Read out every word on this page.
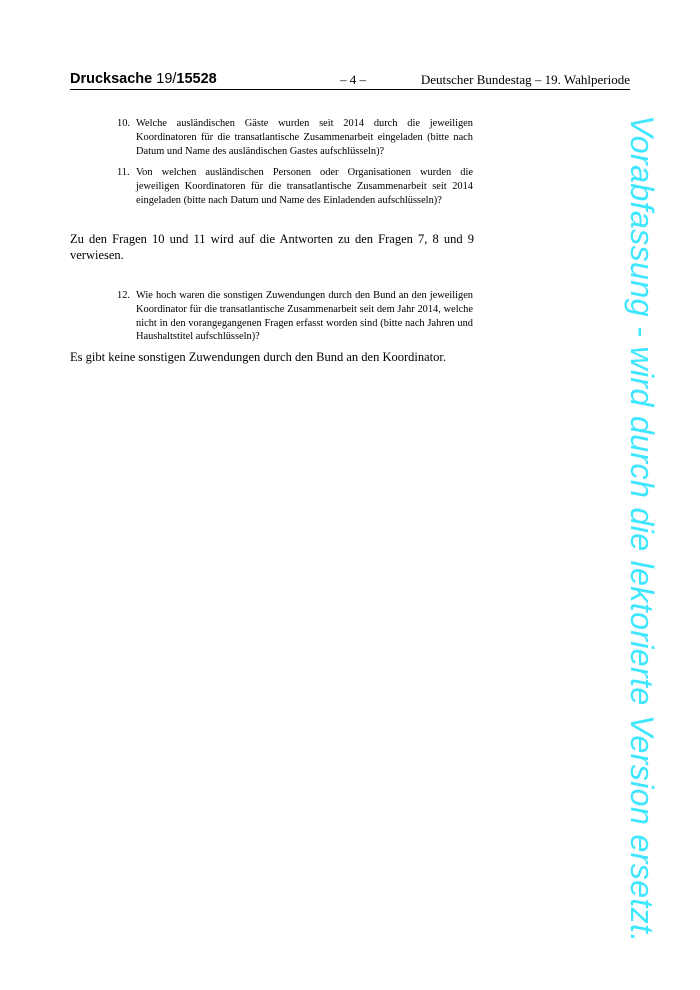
Drucksache 19/15528	– 4 –	Deutscher Bundestag – 19. Wahlperiode
10. Welche ausländischen Gäste wurden seit 2014 durch die jeweiligen Koordinatoren für die transatlantische Zusammenarbeit eingeladen (bitte nach Datum und Name des ausländischen Gastes aufschlüsseln)?
11. Von welchen ausländischen Personen oder Organisationen wurden die jeweiligen Koordinatoren für die transatlantische Zusammenarbeit seit 2014 eingeladen (bitte nach Datum und Name des Einladenden aufschlüsseln)?
Zu den Fragen 10 und 11 wird auf die Antworten zu den Fragen 7, 8 und 9 verwiesen.
12. Wie hoch waren die sonstigen Zuwendungen durch den Bund an den jeweiligen Koordinator für die transatlantische Zusammenarbeit seit dem Jahr 2014, welche nicht in den vorangegangenen Fragen erfasst worden sind (bitte nach Jahren und Haushaltstitel aufschlüsseln)?
Es gibt keine sonstigen Zuwendungen durch den Bund an den Koordinator.	Vorabfassung - wird durch die lektorierte Version ersetzt.
